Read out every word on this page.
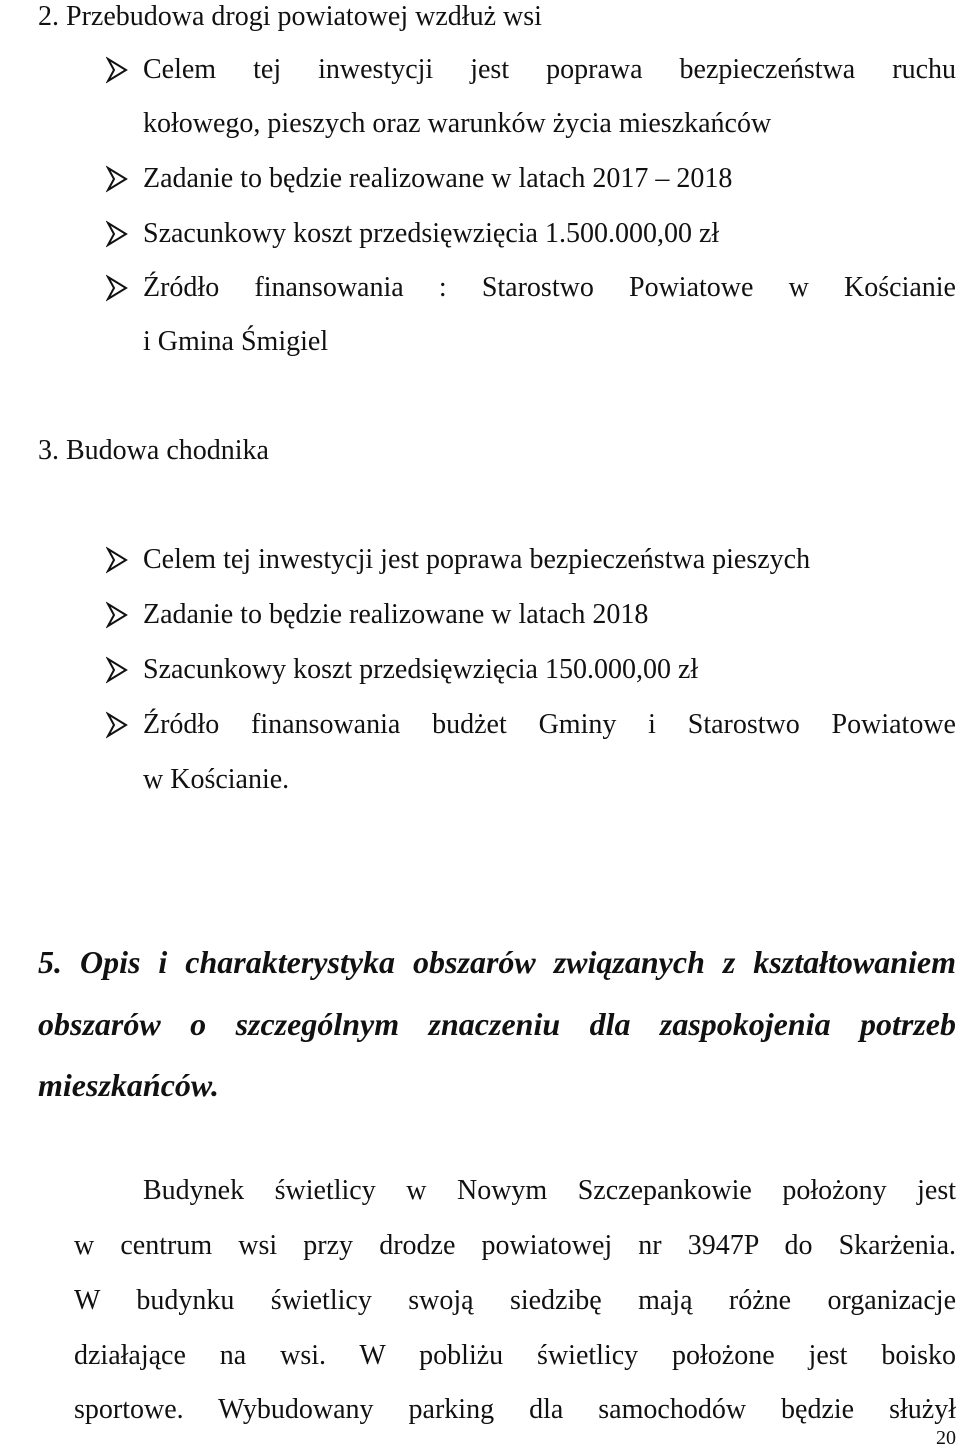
2. Przebudowa drogi powiatowej wzdłuż wsi
Celem tej inwestycji jest poprawa bezpieczeństwa ruchu
kołowego, pieszych oraz warunków życia mieszkańców
Zadanie to będzie realizowane w latach 2017 – 2018
Szacunkowy koszt przedsięwzięcia 1.500.000,00 zł
Źródło finansowania : Starostwo Powiatowe w Kościanie
i Gmina Śmigiel
3. Budowa chodnika
Celem tej inwestycji jest poprawa bezpieczeństwa pieszych
Zadanie to będzie realizowane w latach 2018
Szacunkowy koszt przedsięwzięcia 150.000,00 zł
Źródło finansowania budżet Gminy i Starostwo Powiatowe
w Kościanie.
5. Opis i charakterystyka obszarów związanych z kształtowaniem
obszarów o szczególnym znaczeniu dla zaspokojenia potrzeb
mieszkańców.
Budynek świetlicy w Nowym Szczepankowie położony jest
w centrum wsi przy drodze powiatowej nr 3947P do Skarżenia.
W budynku świetlicy swoją siedzibę mają różne organizacje
działające na wsi. W pobliżu świetlicy położone jest boisko
sportowe. Wybudowany parking dla samochodów będzie służył
20
